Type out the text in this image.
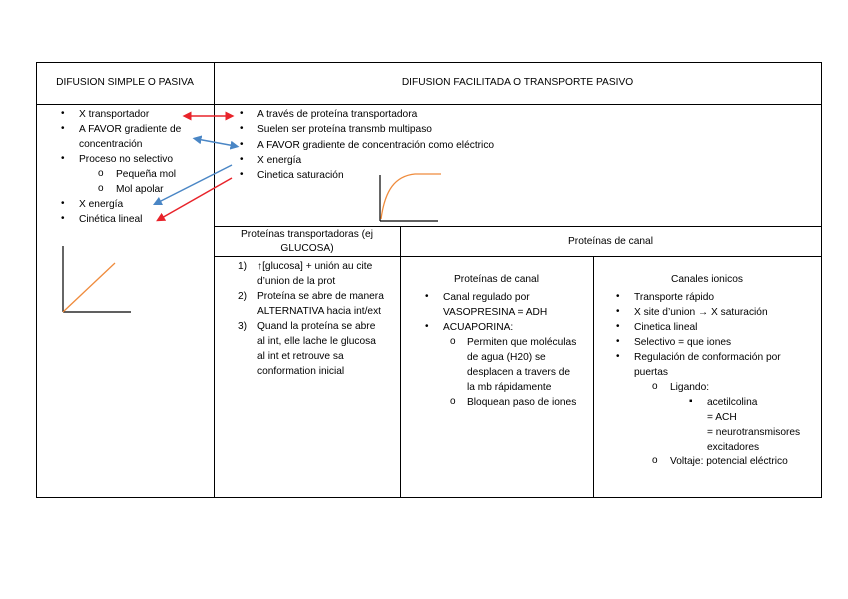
DIFUSION SIMPLE O PASIVA	DIFUSION FACILITADA O TRANSPORTE PASIVO
• X transportador
• A FAVOR gradiente de
concentración
• Proceso no selectivo
o Pequeña mol
o Mol apolar
• X energía
• Cinética lineal
• A través de proteína transportadora
• Suelen ser proteína transmb multipaso
• A FAVOR gradiente de concentración como eléctrico
• X energía
• Cinetica saturación
Proteínas transportadoras (ej
GLUCOSA)
1) ↑[glucosa] + unión au cite
d’union de la prot
2) Proteína se abre de manera
ALTERNATIVA hacia int/ext
3) Quand la proteína se abre
al int, elle lache le glucosa
al int et retrouve sa
conformation inicial
Proteínas de canal
Proteínas de canal
• Canal regulado por
VASOPRESINA = ADH
• ACUAPORINA:
o Permiten que moléculas
de agua (H20) se
desplacen a travers de
la mb rápidamente
o Bloquean paso de iones
Canales ionicos
• Transporte rápido
• X site d’union → X saturación
• Cinetica lineal
• Selectivo = que iones
• Regulación de conformación por
puertas
o Ligando:
▪ acetilcolina
= ACH
= neurotransmisores
excitadores
o Voltaje: potencial eléctrico
